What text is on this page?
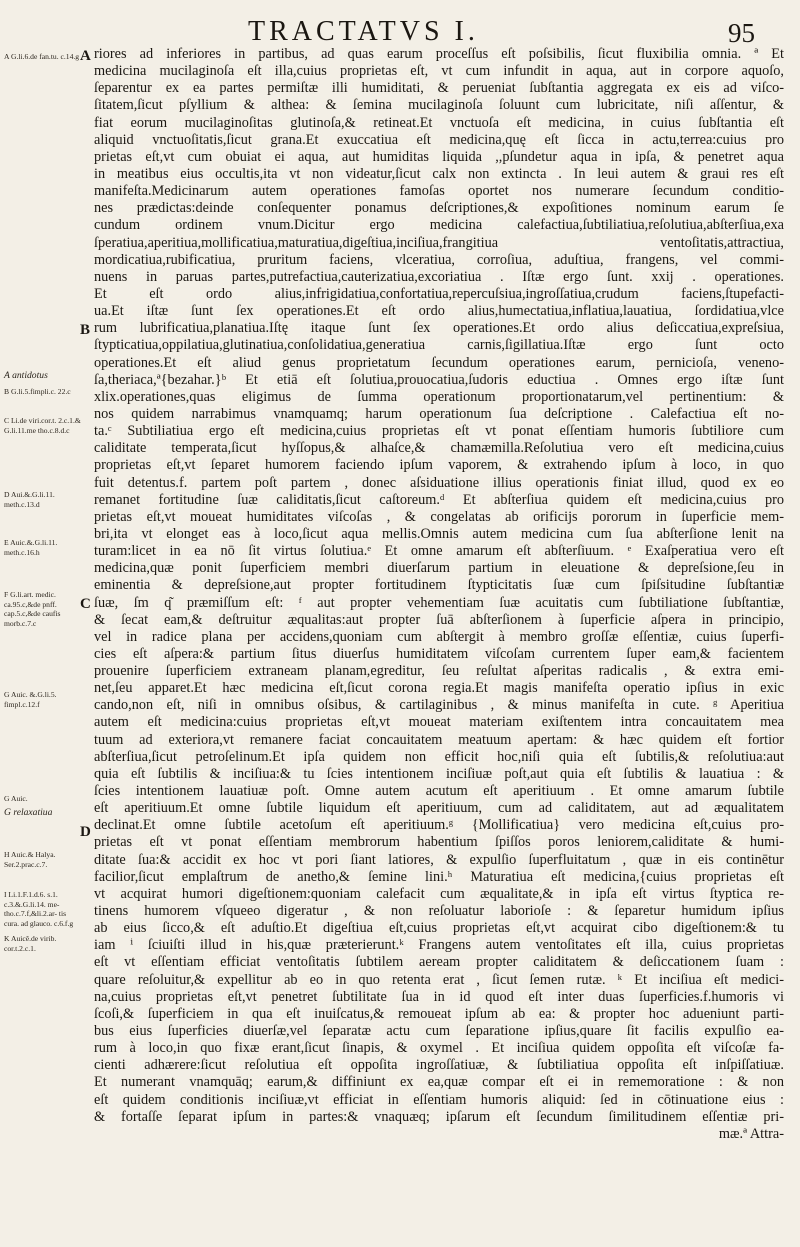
TRACTATVS I.	95
A G.li.6.de fan.tu. c.14.g
A antidotus
B G.li.5.fimpli.c. 22.c
C Li.de viri.cor.t. 2.c.1.& G.li.11.me tho.c.8.d.c
D Aui.&.G.li.11. meth.c.13.d
E Auic.&.G.li.11. meth.c.16.h
F G.li.art. medic. ca.95.c,&de pnff. cap.5.c,&de caufis morb.c.7.c
G Auic. &.G.li.5. fimpl.c.12.f
G Auic.
G relaxatiua
H Auic.& Halya. Ser.2.prac.c.7.
I Li.1.F.1.d.6. s.1. c.3.&.G.li.14. me- tho.c.7.f,&li.2.ar- tis cura. ad glauco. c.6.f.g
K Auicê.de virib. cor.t.2.c.1.
A
B
C
D
riores ad inferiores in partibus, ad quas earum proceſſus eſt poſsibilis, ſicut fluxibilia omnia. ª Et
medicina mucilaginoſa eſt illa,cuius proprietas eſt, vt cum infundit in aqua, aut in corpore aquoſo,
ſeparentur ex ea partes permiſtæ illi humiditati, & perueniat ſubſtantia aggregata ex eis ad viſco-
ſitatem,ſicut pſyllium & althea: & ſemina mucilaginoſa ſoluunt cum lubricitate, niſi aſſentur, &
fiat eorum mucilaginoſitas glutinoſa,& retineat.Et vnctuoſa eſt medicina, in cuius ſubſtantia eſt
aliquid vnctuoſitatis,ſicut grana.Et exuccatiua eſt medicina,quę eſt ſicca in actu,terrea:cuius pro
prietas eſt,vt cum obuiat ei aqua, aut humiditas liquida ,,pſundetur aqua in ipſa, & penetret aqua
in meatibus eius occultis,ita vt non videatur,ſicut calx non extincta . In leui autem & graui res eſt
manifeſta.Medicinarum autem operationes famoſas oportet nos numerare ſecundum conditio-
nes prædictas:deinde conſequenter ponamus deſcriptiones,& expoſitiones nominum earum ſe
cundum ordinem vnum.Dicitur ergo medicina calefactiua,ſubtiliatiua,reſolutiua,abſterſiua,exa
ſperatiua,aperitiua,mollificatiua,maturatiua,digeſtiua,inciſiua,frangitiua ventoſitatis,attractiua,
mordicatiua,rubificatiua, pruritum faciens, vlceratiua, corroſiua, aduſtiua, frangens, vel commi-
nuens in paruas partes,putrefactiua,cauterizatiua,excoriatiua . Iſtæ ergo ſunt. xxij . operationes.
Et eſt ordo alius,infrigidatiua,confortatiua,repercuſsiua,ingroſſatiua,crudum faciens,ſtupefacti-
ua.Et iſtæ ſunt ſex operationes.Et eſt ordo alius,humectatiua,inflatiua,lauatiua, ſordidatiua,vlce
rum lubrificatiua,planatiua.Iſtę itaque ſunt ſex operationes.Et ordo alius deſiccatiua,expreſsiua,
ſtypticatiua,oppilatiua,glutinatiua,conſolidatiua,generatiua carnis,ſigillatiua.Iſtæ ergo ſunt octo
operationes.Et eſt aliud genus proprietatum ſecundum operationes earum, pernicioſa, veneno-
ſa,theriaca,ª{bezahar.}ᵇ Et etiā eſt ſolutiua,prouocatiua,ſudoris eductiua . Omnes ergo iſtæ ſunt
xlix.operationes,quas eligimus de ſumma operationum proportionatarum,vel pertinentium: &
nos quidem narrabimus vnamquamq; harum operationum ſua deſcriptione . Calefactiua eſt no-
ta.ᶜ Subtiliatiua ergo eſt medicina,cuius proprietas eſt vt ponat eſſentiam humoris ſubtiliore cum
caliditate temperata,ſicut hyſſopus,& alhaſce,& chamæmilla.Reſolutiua vero eſt medicina,cuius
proprietas eſt,vt ſeparet humorem faciendo ipſum vaporem, & extrahendo ipſum à loco, in quo
fuit detentus.f. partem poſt partem , donec aſsiduatione illius operationis finiat illud, quod ex eo
remanet fortitudine ſuæ caliditatis,ſicut caſtoreum.ᵈ Et abſterſiua quidem eſt medicina,cuius pro
prietas eſt,vt moueat humiditates viſcoſas , & congelatas ab orificijs pororum in ſuperficie mem-
bri,ita vt elonget eas à loco,ſicut aqua mellis.Omnis autem medicina cum ſua abſterſione lenit na
turam:licet in ea nō ſit virtus ſolutiua.ᵉ Et omne amarum eſt abſterſiuum. ᵉ Exaſperatiua vero eſt
medicina,quæ ponit ſuperficiem membri diuerſarum partium in eleuatione & depreſsione,ſeu in
eminentia & depreſsione,aut propter fortitudinem ſtypticitatis ſuæ cum ſpiſsitudine ſubſtantiæ
ſuæ, ſm q͂ præmiſſum eſt: ᶠ aut propter vehementiam ſuæ acuitatis cum ſubtiliatione ſubſtantiæ,
& ſecat eam,& deſtruitur æqualitas:aut propter ſuā abſterſionem à ſuperficie aſpera in principio,
vel in radice plana per accidens,quoniam cum abſtergit à membro groſſæ eſſentiæ, cuius ſuperfi-
cies eſt aſpera:& partium ſitus diuerſus humiditatem viſcoſam currentem ſuper eam,& facientem
prouenire ſuperficiem extraneam planam,egreditur, ſeu reſultat aſperitas radicalis , & extra emi-
net,ſeu apparet.Et hæc medicina eſt,ſicut corona regia.Et magis manifeſta operatio ipſius in exic
cando,non eſt, niſi in omnibus oſsibus, & cartilaginibus , & minus manifeſta in cute. ᵍ Aperitiua
autem eſt medicina:cuius proprietas eſt,vt moueat materiam exiſtentem intra concauitatem mea
tuum ad exteriora,vt remanere faciat concauitatem meatuum apertam: & hæc quidem eſt fortior
abſterſiua,ſicut petroſelinum.Et ipſa quidem non efficit hoc,niſi quia eſt ſubtilis,& reſolutiua:aut
quia eſt ſubtilis & inciſiua:& tu ſcies intentionem inciſiuæ poſt,aut quia eſt ſubtilis & lauatiua : &
ſcies intentionem lauatiuæ poſt. Omne autem acutum eſt aperitiuum . Et omne amarum ſubtile
eſt aperitiuum.Et omne ſubtile liquidum eſt aperitiuum, cum ad caliditatem, aut ad æqualitatem
declinat.Et omne ſubtile acetoſum eſt aperitiuum.ᵍ {Mollificatiua} vero medicina eſt,cuius pro-
prietas eſt vt ponat eſſentiam membrorum habentium ſpiſſos poros leniorem,caliditate & humi-
ditate ſua:& accidit ex hoc vt pori ſiant latiores, & expulſio ſuperfluitatum , quæ in eis continētur
facilior,ſicut emplaſtrum de anetho,& ſemine lini.ʰ Maturatiua eſt medicina,{cuius proprietas eſt
vt acquirat humori digeſtionem:quoniam calefacit cum æqualitate,& in ipſa eſt virtus ſtyptica re-
tinens humorem vſqueeo digeratur , & non reſoluatur laborioſe : & ſeparetur humidum ipſius
ab eius ſicco,& eſt aduſtio.Et digeſtiua eſt,cuius proprietas eſt,vt acquirat cibo digeſtionem:& tu
iam ⁱ ſciuiſti illud in his,quæ præterierunt.ᵏ Frangens autem ventoſitates eſt illa, cuius proprietas
eſt vt eſſentiam efficiat ventoſitatis ſubtilem aeream propter caliditatem & deſiccationem ſuam :
quare reſoluitur,& expellitur ab eo in quo retenta erat , ſicut ſemen rutæ. ᵏ Et inciſiua eſt medici-
na,cuius proprietas eſt,vt penetret ſubtilitate ſua in id quod eſt inter duas ſuperficies.f.humoris vi
ſcoſi,& ſuperficiem in qua eſt inuiſcatus,& remoueat ipſum ab ea: & propter hoc adueniunt parti-
bus eius ſuperficies diuerſæ,vel ſeparatæ actu cum ſeparatione ipſius,quare ſit facilis expulſio ea-
rum à loco,in quo fixæ erant,ſicut ſinapis, & oxymel . Et inciſiua quidem oppoſita eſt viſcoſæ fa-
cienti adhærere:ſicut reſolutiua eſt oppoſita ingroſſatiuæ, & ſubtiliatiua oppoſita eſt inſpiſſatiuæ.
Et numerant vnamquāq; earum,& diffiniunt ex ea,quæ compar eſt ei in rememoratione : & non
eſt quidem conditionis inciſiuæ,vt efficiat in eſſentiam humoris aliquid: ſed in cōtinuatione eius :
& fortaſſe ſeparat ipſum in partes:& vnaquæq; ipſarum eſt ſecundum ſimilitudinem eſſentiæ pri-
mæ.ª Attra-
